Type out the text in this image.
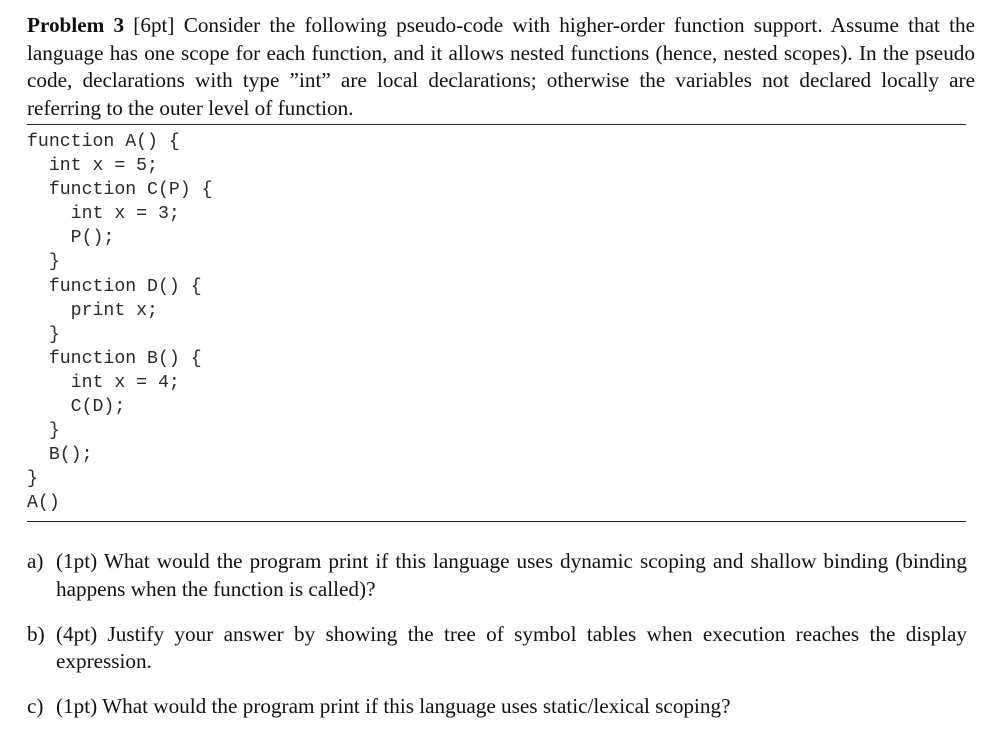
Problem 3 [6pt] Consider the following pseudo-code with higher-order function support. Assume that the language has one scope for each function, and it allows nested functions (hence, nested scopes). In the pseudo code, declarations with type ”int” are local declarations; otherwise the variables not declared locally are referring to the outer level of function.
function A() {
int x = 5;
function C(P) {
int x = 3;
P();
}
function D() {
print x;
}
function B() {
int x = 4;
C(D);
}
B();
}
A()
a) (1pt) What would the program print if this language uses dynamic scoping and shallow binding (binding happens when the function is called)?
b) (4pt) Justify your answer by showing the tree of symbol tables when execution reaches the display expression.
c) (1pt) What would the program print if this language uses static/lexical scoping?
